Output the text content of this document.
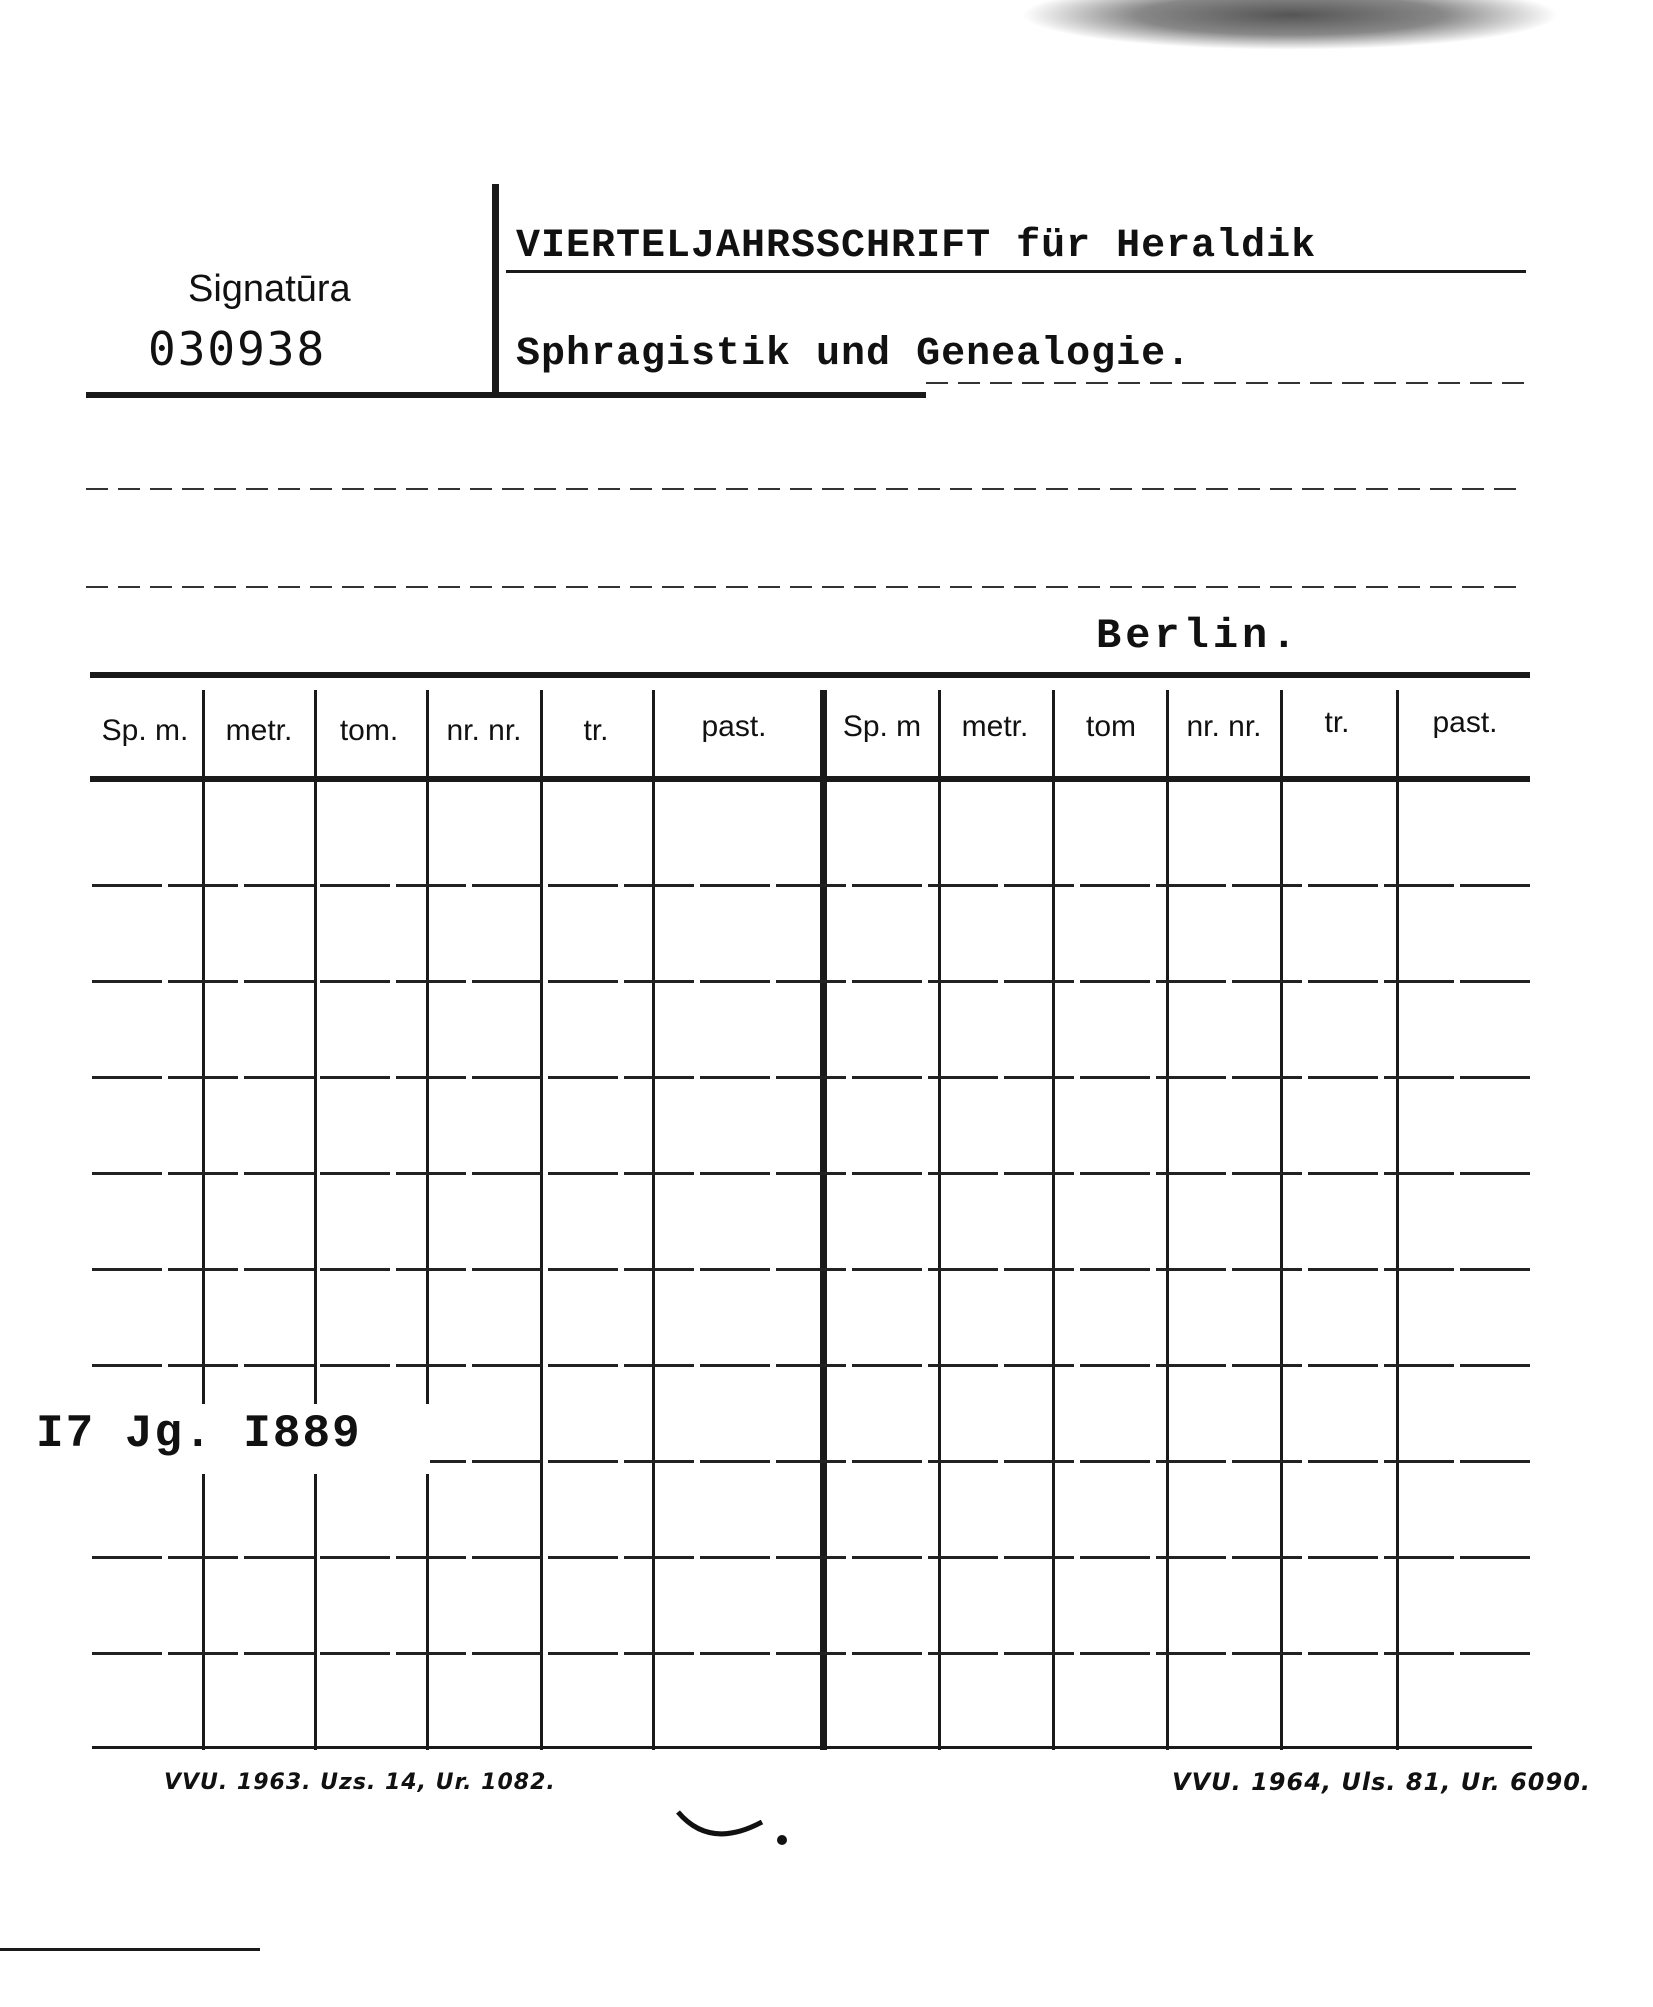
Signatūra
030938
VIERTELJAHRSSCHRIFT für Heraldik
Sphragistik und Genealogie.
Berlin.
Sp. m.	metr.	tom.	nr. nr.	tr.	past.	Sp. m	metr.	tom	nr. nr.	tr.	past.
I7 Jg. I889
VVU. 1963. Uzs. 14, Ur. 1082.	VVU. 1964, Uls. 81, Ur. 6090.
